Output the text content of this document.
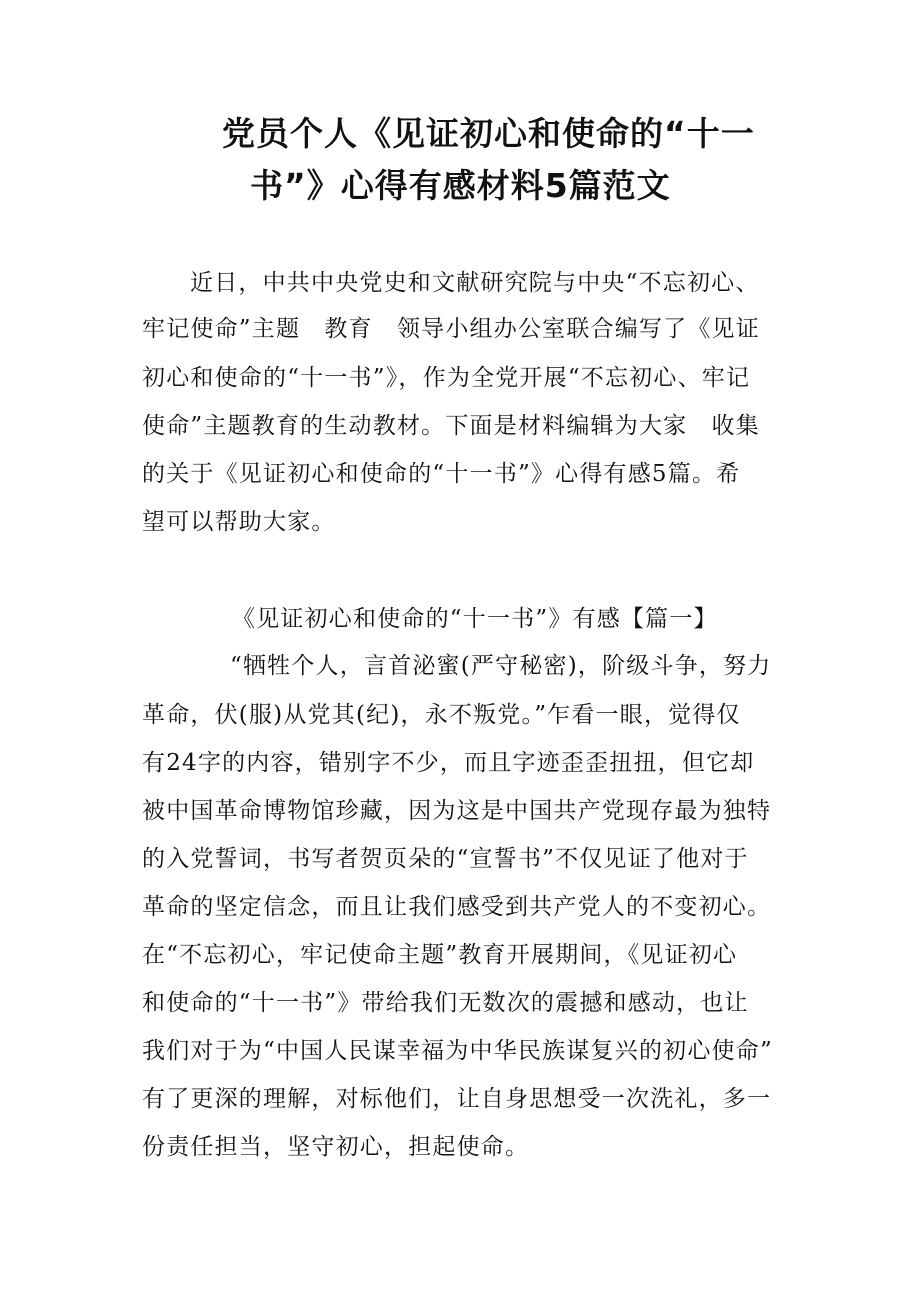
党员个人《见证初心和使命的“十一
书”》心得有感材料5篇范文
近日，中共中央党史和文献研究院与中央“不忘初心、
牢记使命”主题　教育　领导小组办公室联合编写了《见证
初心和使命的“十一书”》，作为全党开展“不忘初心、牢记
使命”主题教育的生动教材。下面是材料编辑为大家　收集
的关于《见证初心和使命的“十一书”》心得有感5篇。希
望可以帮助大家。
《见证初心和使命的“十一书”》有感【篇一】
“牺牲个人，言首泌蜜(严守秘密)，阶级斗争，努力
革命，伏(服)从党其(纪)，永不叛党。”乍看一眼，觉得仅
有24字的内容，错别字不少，而且字迹歪歪扭扭，但它却
被中国革命博物馆珍藏，因为这是中国共产党现存最为独特
的入党誓词，书写者贺页朵的“宣誓书”不仅见证了他对于
革命的坚定信念，而且让我们感受到共产党人的不变初心。
在“不忘初心，牢记使命主题”教育开展期间，《见证初心
和使命的“十一书”》带给我们无数次的震撼和感动，也让
我们对于为“中国人民谋幸福为中华民族谋复兴的初心使命”
有了更深的理解，对标他们，让自身思想受一次洗礼，多一
份责任担当，坚守初心，担起使命。
